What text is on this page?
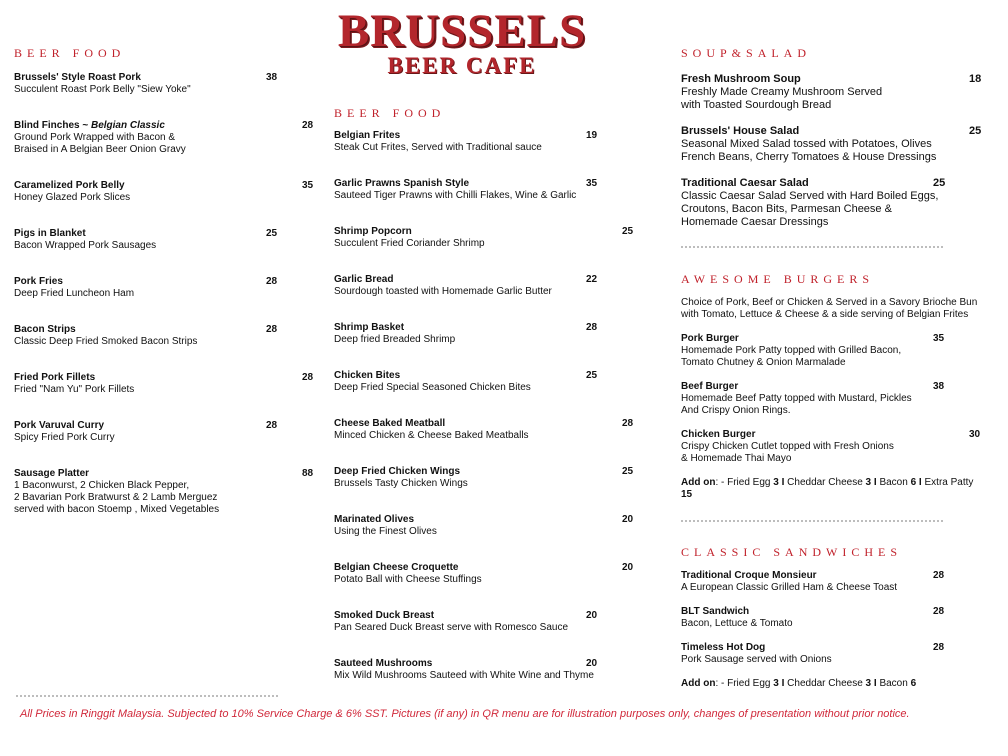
BRUSSELS
BEER CAFE
BEER FOOD
Brussels' Style Roast Pork
Succulent Roast Pork Belly "Siew Yoke"
38
Blind Finches ~ Belgian Classic
Ground Pork Wrapped with Bacon &
Braised in A Belgian Beer Onion Gravy
28
Caramelized Pork Belly
Honey Glazed Pork Slices
35
Pigs in Blanket
Bacon Wrapped Pork Sausages
25
Pork Fries
Deep Fried Luncheon Ham
28
Bacon Strips
Classic Deep Fried Smoked Bacon Strips
28
Fried Pork Fillets
Fried "Nam Yu" Pork Fillets
28
Pork Varuval Curry
Spicy Fried Pork Curry
28
Sausage Platter
1 Baconwurst, 2 Chicken Black Pepper,
2 Bavarian Pork Bratwurst & 2 Lamb Merguez
served with bacon Stoemp , Mixed Vegetables
88
BEER FOOD
Belgian Frites
Steak Cut Frites, Served with Traditional sauce
19
Garlic Prawns Spanish Style
Sauteed Tiger Prawns with Chilli Flakes, Wine & Garlic
35
Shrimp Popcorn
Succulent Fried Coriander Shrimp
25
Garlic Bread
Sourdough toasted with Homemade Garlic Butter
22
Shrimp Basket
Deep fried Breaded Shrimp
28
Chicken Bites
Deep Fried Special Seasoned Chicken Bites
25
Cheese Baked Meatball
Minced Chicken & Cheese Baked Meatballs
28
Deep Fried Chicken Wings
Brussels Tasty Chicken Wings
25
Marinated Olives
Using the Finest Olives
20
Belgian Cheese Croquette
Potato Ball with Cheese Stuffings
20
Smoked Duck Breast
Pan Seared Duck Breast serve with Romesco Sauce
20
Sauteed Mushrooms
Mix Wild Mushrooms Sauteed with White Wine and Thyme
20
SOUP&SALAD
Fresh Mushroom Soup
Freshly Made Creamy Mushroom Served
with Toasted Sourdough Bread
18
Brussels' House Salad
Seasonal Mixed Salad tossed with Potatoes, Olives
French Beans, Cherry Tomatoes & House Dressings
25
Traditional Caesar Salad
Classic Caesar Salad Served with Hard Boiled Eggs,
Croutons, Bacon Bits, Parmesan Cheese &
Homemade Caesar Dressings
25
AWESOME BURGERS
Choice of Pork, Beef or Chicken & Served in a Savory Brioche Bun
with Tomato, Lettuce & Cheese & a side serving of Belgian Frites
Pork Burger
Homemade Pork Patty topped with Grilled Bacon,
Tomato Chutney & Onion Marmalade
35
Beef Burger
Homemade Beef Patty topped with Mustard, Pickles
And Crispy Onion Rings.
38
Chicken Burger
Crispy Chicken Cutlet topped with Fresh Onions
& Homemade Thai Mayo
30
Add on: - Fried Egg 3 I Cheddar Cheese 3 I Bacon 6 I Extra Patty
15
CLASSIC SANDWICHES
Traditional Croque Monsieur
A European Classic Grilled Ham & Cheese Toast
28
BLT Sandwich
Bacon, Lettuce & Tomato
28
Timeless Hot Dog
Pork Sausage served with Onions
28
Add on: - Fried Egg 3 I Cheddar Cheese 3 I Bacon 6
All Prices in Ringgit Malaysia. Subjected to 10% Service Charge & 6% SST. Pictures (if any) in QR menu are for illustration purposes only, changes of presentation without prior notice.
